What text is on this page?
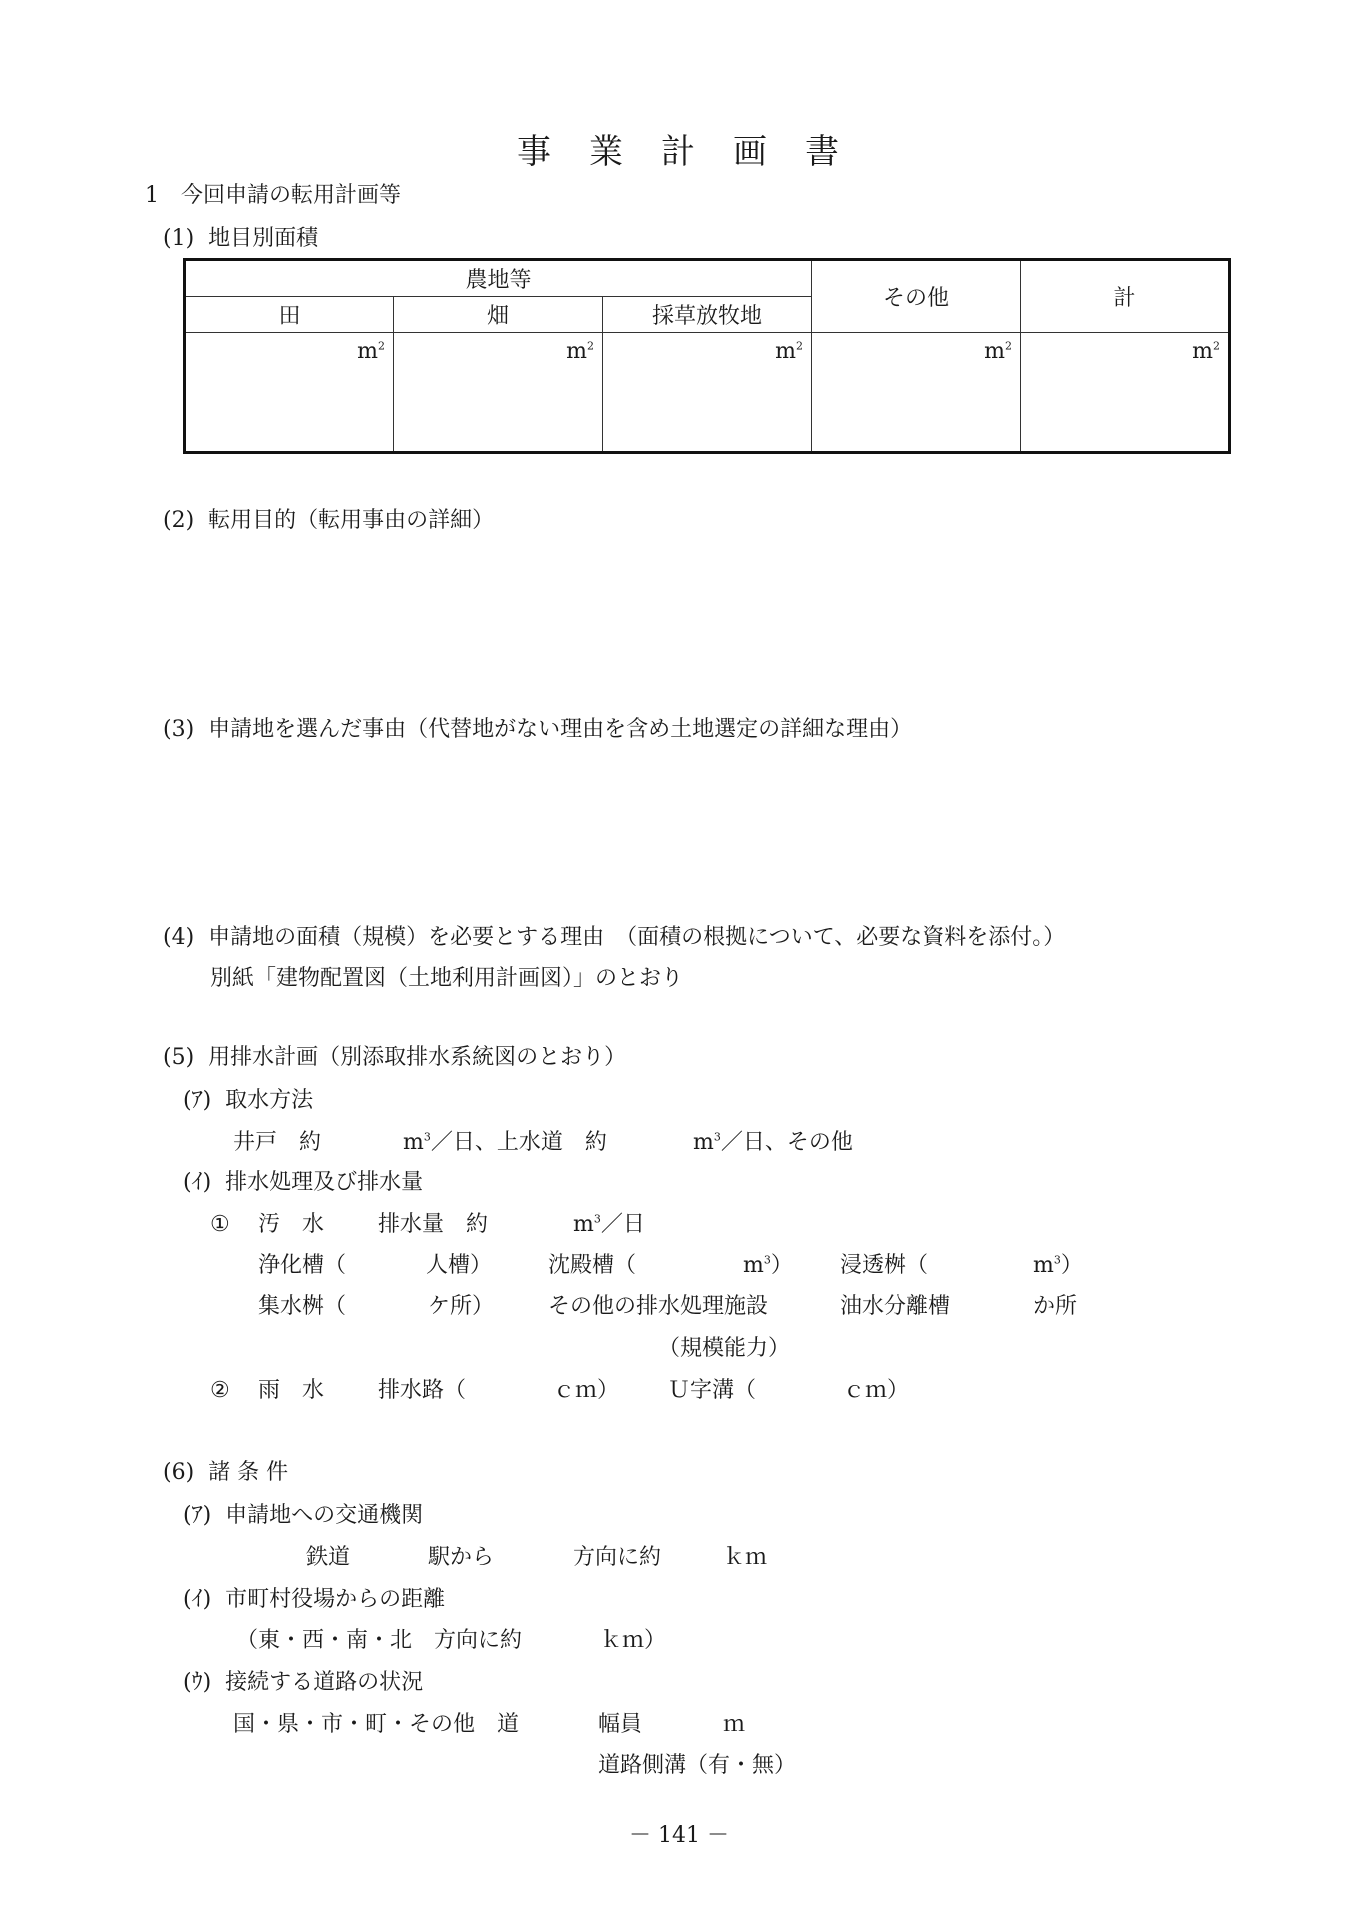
事　業　計　画　書
1　今回申請の転用計画等
(1)  地目別面積
農地等			その他	計
田	畑	採草放牧地		
$m^2$	$m^2$	$m^2$	$m^2$	$m^2$
(2)  転用目的（転用事由の詳細）
(3)  申請地を選んだ事由（代替地がない理由を含め土地選定の詳細な理由）
(4)  申請地の面積（規模）を必要とする理由　（面積の根拠について、必要な資料を添付。）
別紙「建物配置図（土地利用計画図）」のとおり
(5)  用排水計画（別添取排水系統図のとおり）
(ｱ)  取水方法
井戸　約	$m^3/$日、上水道　約	$m^3/$日、その他
(ｲ)  排水処理及び排水量
① 汚　水 排水量　約	$m^3/$日
浄化槽（	人槽）	沈殿槽（	$m^3$） 浸透桝（	$m^3$）
集水桝（	ケ所） その他の排水処理施設	油水分離槽	か所
（規模能力）
② 雨　水 排水路（	ｃｍ） Ｕ字溝（	ｃｍ）
(6)  諸 条 件
(ｱ)  申請地への交通機関
鉄道	駅から	方向に約	ｋｍ
(ｲ)  市町村役場からの距離
（東・西・南・北　方向に約	ｋｍ）
(ｳ)  接続する道路の状況
国・県・市・町・その他　道	幅員	ｍ
道路側溝（有・無）
－ 141 －
